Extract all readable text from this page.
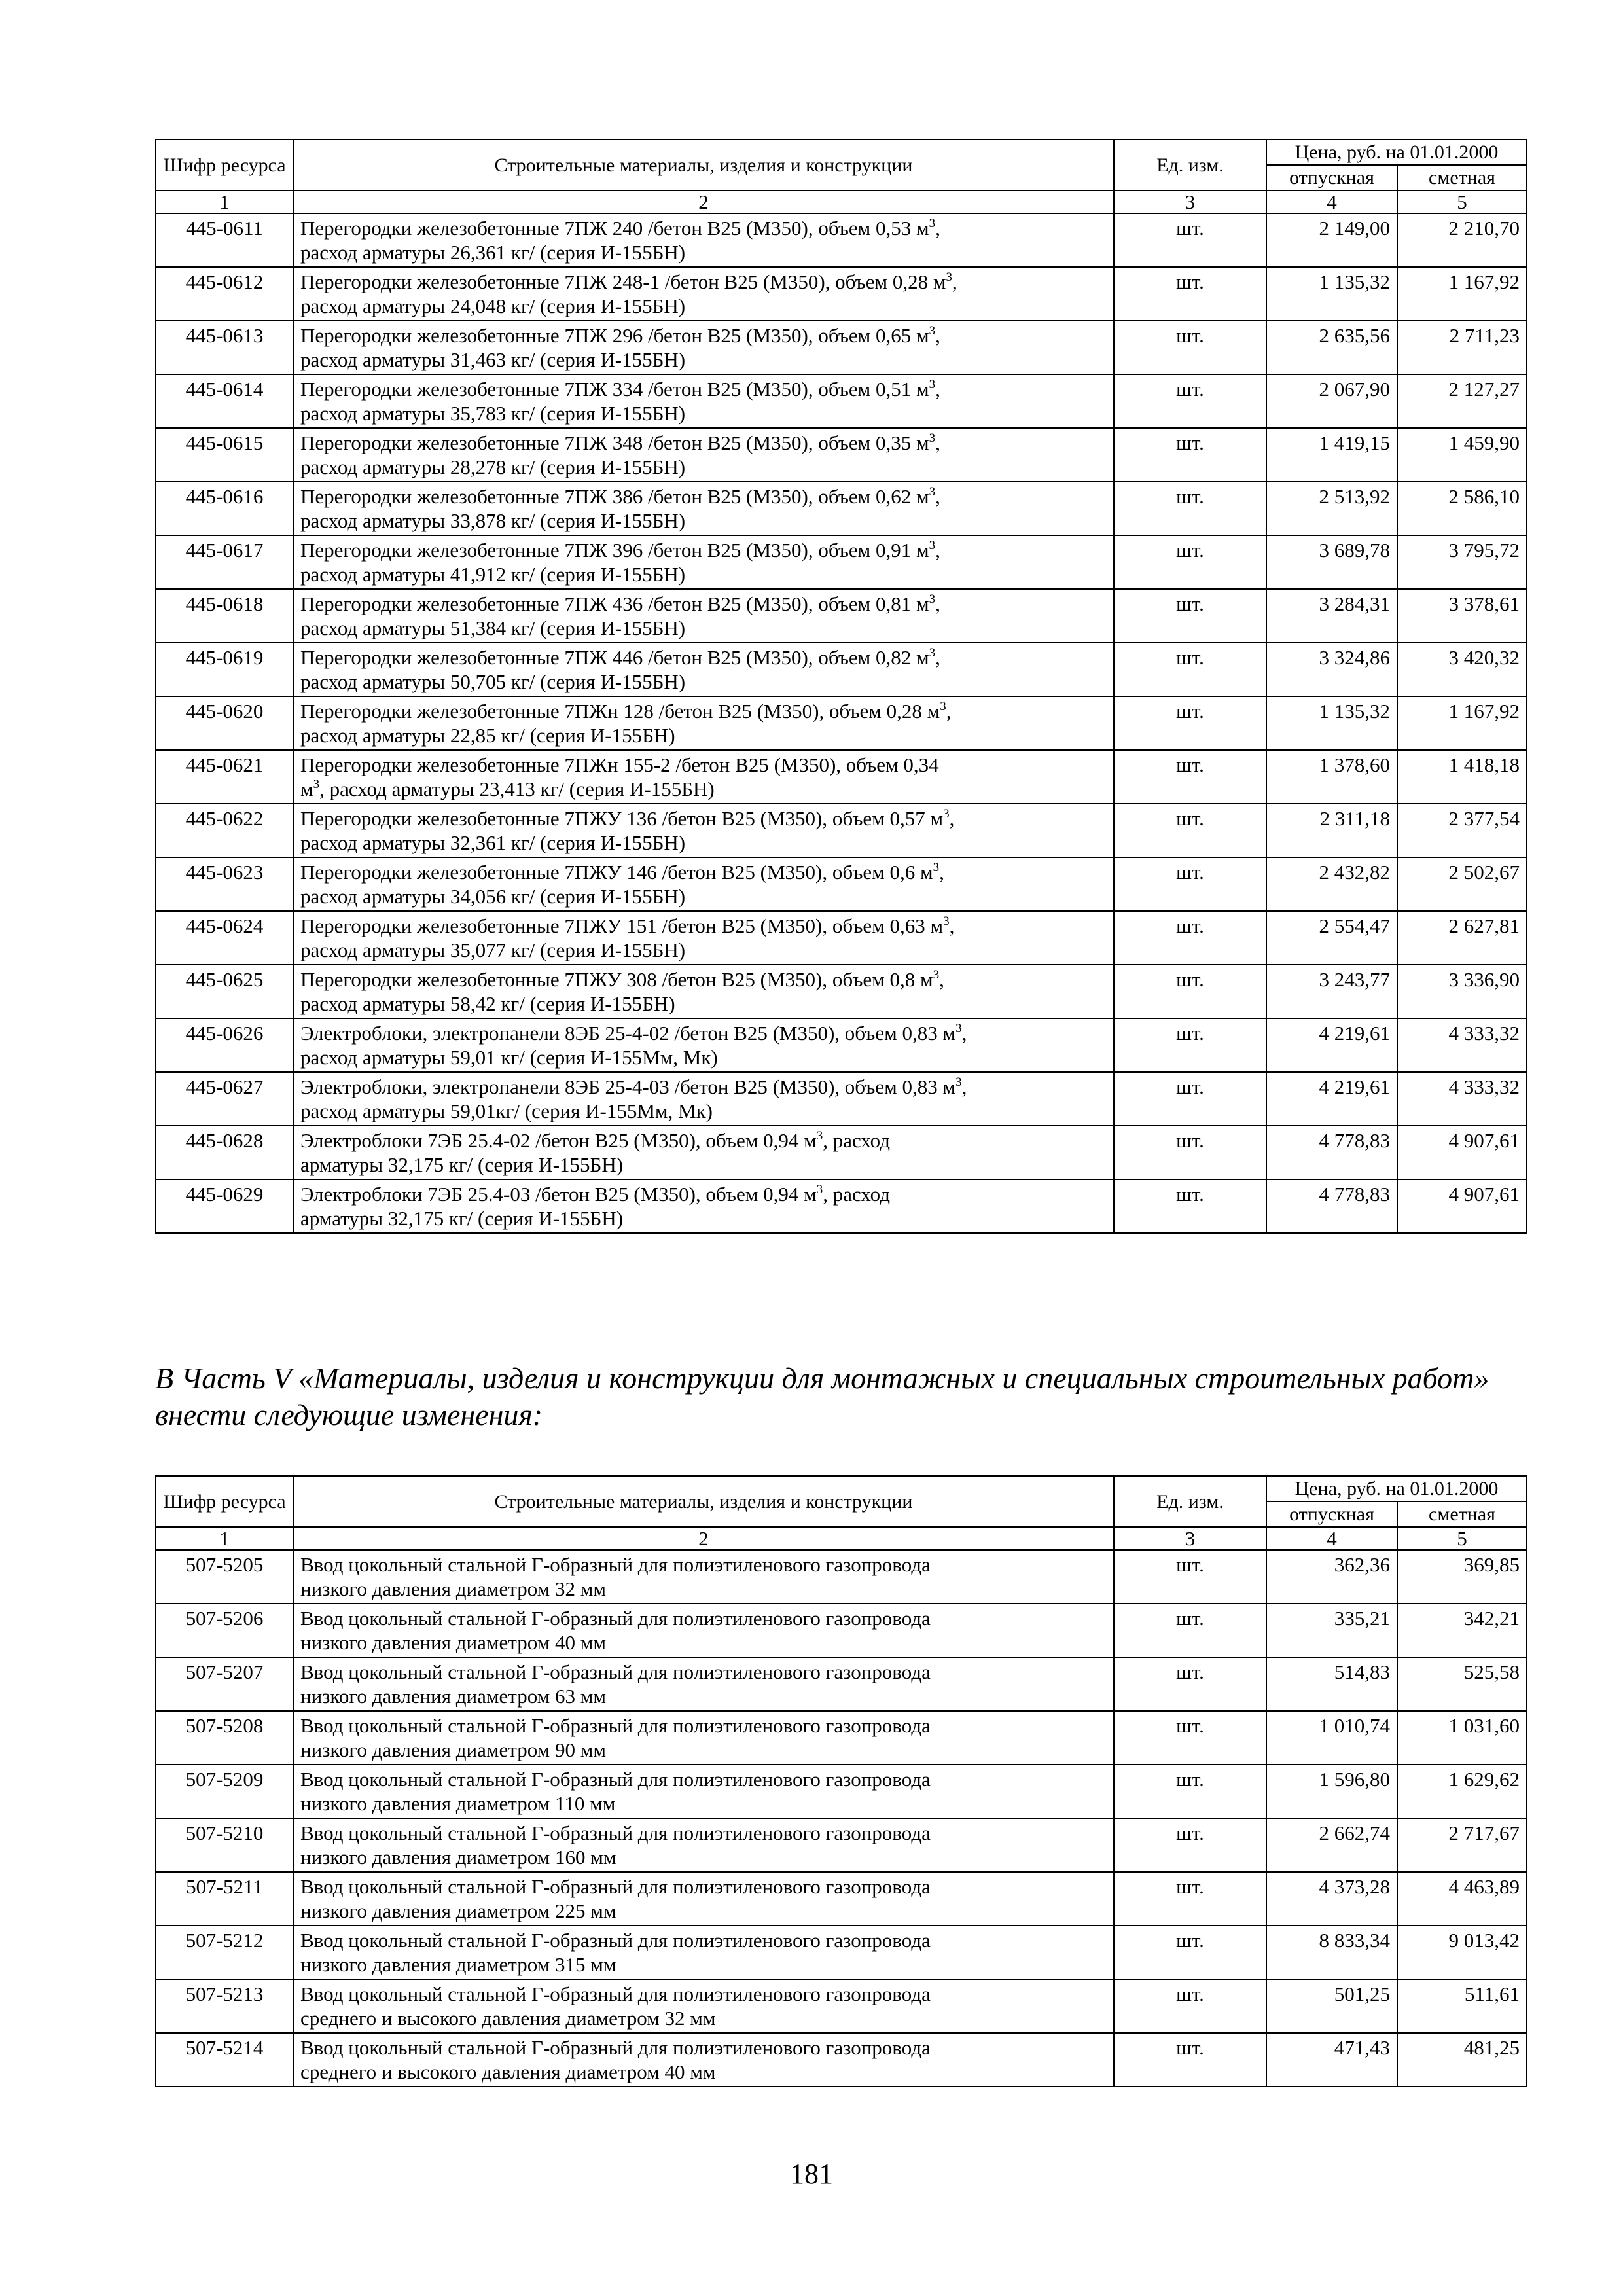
Шифр ресурса	Строительные материалы, изделия и конструкции	Ед. изм.	Цена, руб. на 01.01.2000	
			отпускная	сметная
1	2	3	4	5
445-0611	Перегородки железобетонные 7ПЖ 240 /бетон В25 (М350), объем 0,53 $м^3$,
расход арматуры 26,361 кг/ (серия И-155БН)	шт.	2 149,00	2 210,70
445-0612	Перегородки железобетонные 7ПЖ 248-1 /бетон В25 (М350), объем 0,28 $м^3$,
расход арматуры 24,048 кг/ (серия И-155БН)	шт.	1 135,32	1 167,92
445-0613	Перегородки железобетонные 7ПЖ 296 /бетон В25 (М350), объем 0,65 $м^3$,
расход арматуры 31,463 кг/ (серия И-155БН)	шт.	2 635,56	2 711,23
445-0614	Перегородки железобетонные 7ПЖ 334 /бетон В25 (М350), объем 0,51 $м^3$,
расход арматуры 35,783 кг/ (серия И-155БН)	шт.	2 067,90	2 127,27
445-0615	Перегородки железобетонные 7ПЖ 348 /бетон В25 (М350), объем 0,35 $м^3$,
расход арматуры 28,278 кг/ (серия И-155БН)	шт.	1 419,15	1 459,90
445-0616	Перегородки железобетонные 7ПЖ 386 /бетон В25 (М350), объем 0,62 $м^3$,
расход арматуры 33,878 кг/ (серия И-155БН)	шт.	2 513,92	2 586,10
445-0617	Перегородки железобетонные 7ПЖ 396 /бетон В25 (М350), объем 0,91 $м^3$,
расход арматуры 41,912 кг/ (серия И-155БН)	шт.	3 689,78	3 795,72
445-0618	Перегородки железобетонные 7ПЖ 436 /бетон В25 (М350), объем 0,81 $м^3$,
расход арматуры 51,384 кг/ (серия И-155БН)	шт.	3 284,31	3 378,61
445-0619	Перегородки железобетонные 7ПЖ 446 /бетон В25 (М350), объем 0,82 $м^3$,
расход арматуры 50,705 кг/ (серия И-155БН)	шт.	3 324,86	3 420,32
445-0620	Перегородки железобетонные 7ПЖн 128 /бетон В25 (М350), объем 0,28 $м^3$,
расход арматуры 22,85 кг/ (серия И-155БН)	шт.	1 135,32	1 167,92
445-0621	Перегородки железобетонные 7ПЖн 155-2 /бетон В25 (М350), объем 0,34
$м^3$, расход арматуры 23,413 кг/ (серия И-155БН)	шт.	1 378,60	1 418,18
445-0622	Перегородки железобетонные 7ПЖУ 136 /бетон В25 (М350), объем 0,57 $м^3$,
расход арматуры 32,361 кг/ (серия И-155БН)	шт.	2 311,18	2 377,54
445-0623	Перегородки железобетонные 7ПЖУ 146 /бетон В25 (М350), объем 0,6 $м^3$,
расход арматуры 34,056 кг/ (серия И-155БН)	шт.	2 432,82	2 502,67
445-0624	Перегородки железобетонные 7ПЖУ 151 /бетон В25 (М350), объем 0,63 $м^3$,
расход арматуры 35,077 кг/ (серия И-155БН)	шт.	2 554,47	2 627,81
445-0625	Перегородки железобетонные 7ПЖУ 308 /бетон В25 (М350), объем 0,8 $м^3$,
расход арматуры 58,42 кг/ (серия И-155БН)	шт.	3 243,77	3 336,90
445-0626	Электроблоки, электропанели 8ЭБ 25-4-02 /бетон В25 (М350), объем 0,83 $м^3$,
расход арматуры 59,01 кг/ (серия И-155Мм, Мк)	шт.	4 219,61	4 333,32
445-0627	Электроблоки, электропанели 8ЭБ 25-4-03 /бетон В25 (М350), объем 0,83 $м^3$,
расход арматуры 59,01кг/ (серия И-155Мм, Мк)	шт.	4 219,61	4 333,32
445-0628	Электроблоки 7ЭБ 25.4-02 /бетон В25 (М350), объем 0,94 $м^3$, расход
арматуры 32,175 кг/ (серия И-155БН)	шт.	4 778,83	4 907,61
445-0629	Электроблоки 7ЭБ 25.4-03 /бетон В25 (М350), объем 0,94 $м^3$, расход
арматуры 32,175 кг/ (серия И-155БН)	шт.	4 778,83	4 907,61
В Часть V «Материалы, изделия и конструкции для монтажных и специальных строительных работ» внести следующие изменения:
Шифр ресурса	Строительные материалы, изделия и конструкции	Ед. изм.	Цена, руб. на 01.01.2000	
			отпускная	сметная
1	2	3	4	5
507-5205	Ввод цокольный стальной Г-образный для полиэтиленового газопровода
низкого давления диаметром 32 мм	шт.	362,36	369,85
507-5206	Ввод цокольный стальной Г-образный для полиэтиленового газопровода
низкого давления диаметром 40 мм	шт.	335,21	342,21
507-5207	Ввод цокольный стальной Г-образный для полиэтиленового газопровода
низкого давления диаметром 63 мм	шт.	514,83	525,58
507-5208	Ввод цокольный стальной Г-образный для полиэтиленового газопровода
низкого давления диаметром 90 мм	шт.	1 010,74	1 031,60
507-5209	Ввод цокольный стальной Г-образный для полиэтиленового газопровода
низкого давления диаметром 110 мм	шт.	1 596,80	1 629,62
507-5210	Ввод цокольный стальной Г-образный для полиэтиленового газопровода
низкого давления диаметром 160 мм	шт.	2 662,74	2 717,67
507-5211	Ввод цокольный стальной Г-образный для полиэтиленового газопровода
низкого давления диаметром 225 мм	шт.	4 373,28	4 463,89
507-5212	Ввод цокольный стальной Г-образный для полиэтиленового газопровода
низкого давления диаметром 315 мм	шт.	8 833,34	9 013,42
507-5213	Ввод цокольный стальной Г-образный для полиэтиленового газопровода
среднего и высокого давления диаметром 32 мм	шт.	501,25	511,61
507-5214	Ввод цокольный стальной Г-образный для полиэтиленового газопровода
среднего и высокого давления диаметром 40 мм	шт.	471,43	481,25
181
